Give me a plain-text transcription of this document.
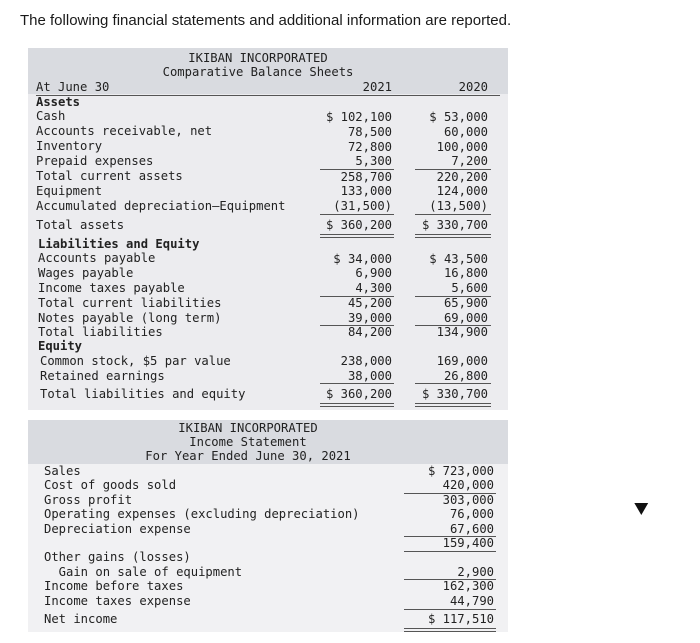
The following financial statements and additional information are reported.
IKIBAN INCORPORATED
Comparative Balance Sheets
At June 30	2021	2020
Assets
Cash	$ 102,100	$ 53,000
Accounts receivable, net	78,500	60,000
Inventory	72,800	100,000
Prepaid expenses	5,300	7,200
Total current assets	258,700	220,200
Equipment	133,000	124,000
Accumulated depreciation–Equipment	(31,500)	(13,500)
Total assets	$ 360,200	$ 330,700
Liabilities and Equity
Accounts payable	$ 34,000	$ 43,500
Wages payable	6,900	16,800
Income taxes payable	4,300	5,600
Total current liabilities	45,200	65,900
Notes payable (long term)	39,000	69,000
Total liabilities	84,200	134,900
Equity
Common stock, $5 par value	238,000	169,000
Retained earnings	38,000	26,800
Total liabilities and equity	$ 360,200	$ 330,700
IKIBAN INCORPORATED
Income Statement
For Year Ended June 30, 2021
Sales	$ 723,000
Cost of goods sold	420,000
Gross profit	303,000
Operating expenses (excluding depreciation)	76,000
Depreciation expense	67,600
159,400
Other gains (losses)
Gain on sale of equipment	2,900
Income before taxes	162,300
Income taxes expense	44,790
Net income	$ 117,510
